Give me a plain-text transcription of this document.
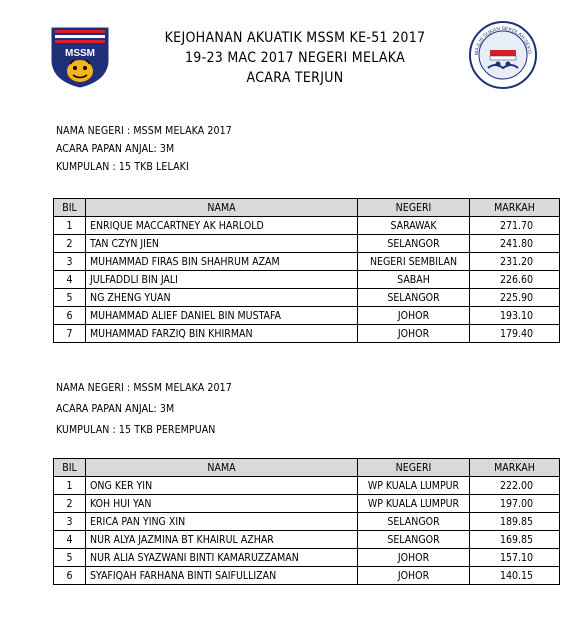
MSSM
KEJOHANAN AKUATIK MSSM KE-51 2017
19-23 MAC 2017 NEGERI MELAKA
ACARA TERJUN
MAJLIS SUKAN SEKOLAH-SEKO
NAMA NEGERI : MSSM MELAKA 2017
ACARA PAPAN ANJAL: 3M
KUMPULAN : 15 TKB LELAKI
BIL	NAMA	NEGERI	MARKAH
1	ENRIQUE MACCARTNEY AK HARLOLD	SARAWAK	271.70
2	TAN CZYN JIEN	SELANGOR	241.80
3	MUHAMMAD FIRAS BIN SHAHRUM AZAM	NEGERI SEMBILAN	231.20
4	JULFADDLI BIN JALI	SABAH	226.60
5	NG ZHENG YUAN	SELANGOR	225.90
6	MUHAMMAD ALIEF DANIEL BIN MUSTAFA	JOHOR	193.10
7	MUHAMMAD FARZIQ BIN KHIRMAN	JOHOR	179.40
NAMA NEGERI : MSSM MELAKA 2017
ACARA PAPAN ANJAL: 3M
KUMPULAN : 15 TKB PEREMPUAN
BIL	NAMA	NEGERI	MARKAH
1	ONG KER YIN	WP KUALA LUMPUR	222.00
2	KOH HUI YAN	WP KUALA LUMPUR	197.00
3	ERICA PAN YING XIN	SELANGOR	189.85
4	NUR ALYA JAZMINA BT KHAIRUL AZHAR	SELANGOR	169.85
5	NUR ALIA SYAZWANI BINTI KAMARUZZAMAN	JOHOR	157.10
6	SYAFIQAH FARHANA BINTI SAIFULLIZAN	JOHOR	140.15
